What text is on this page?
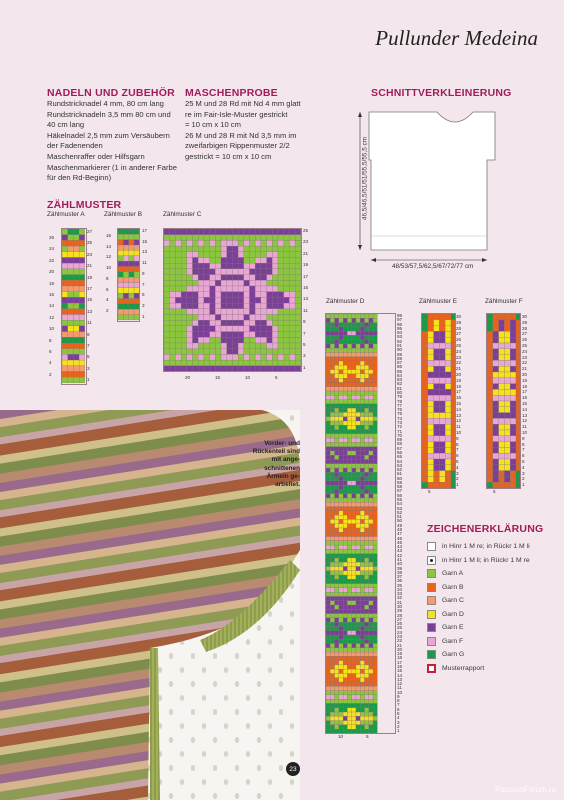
Pullunder Medeina
NADELN UND ZUBEHÖR
Rundstricknadel 4 mm, 80 cm lang
Rundstricknadeln 3,5 mm 80 cm und
40 cm lang
Häkelnadel 2,5 mm zum Versäubern
der Fadenenden
Maschenraffer oder Hilfsgarn
Maschenmarkierer (1 in anderer Farbe
für den Rd-Beginn)
MASCHENPROBE
25 M und 28 Rd mit Nd 4 mm glatt
re im Fair-Isle-Muster gestrickt
= 10 cm x 10 cm
26 M und 28 R mit Nd 3,5 mm im
zweifarbigen Rippenmuster 2/2
gestrickt = 10 cm x 10 cm
SCHNITTVERKLEINERUNG
46,5/46,5/51/51/55,5/55,5 cm
48/53/57,5/62,5/67/72/77 cm
ZÄHLMUSTER
Zählmuster A	Zählmuster B	Zählmuster C
Zählmuster D	Zählmuster E	Zählmuster F
26
24
22
20
18
16
14
12
10
8
6
4
2
27
25
23
21
19
17
15
13
11
9
7
5
3
1
16
14
12
10
8
6
4
2
17
15
13
11
9
7
5
3
1
25
23
21
19
17
15
13
11
9
7
5
3
1
20	15	10	5
98
97
96
95
94
93
92
91
90
89
88
87
86
85
84
83
82
81
80
79
78
77
76
75
74
73
72
71
70
69
68
67
66
65
64
63
62
61
60
59
58
57
56
55
54
53
52
51
50
49
48
47
46
45
44
43
42
41
40
39
38
37
36
35
34
33
32
31
30
29
28
27
26
25
24
23
22
21
20
19
18
17
16
15
14
13
12
11
10
9
8
7
6
5
4
3
2
1
10	5
30
29
28
27
26
25
24
23
22
21
20
19
18
17
16
15
14
13
12
11
10
9
8
7
6
5
4
3
2
1
5
30
29
28
27
26
25
24
23
22
21
20
19
18
17
16
15
14
13
12
11
10
9
8
7
6
5
4
3
2
1
5
Vorder- und
Rückenteil sind
mit ange-
schnittenen
Ärmeln ge-
arbeitet.
23
ZEICHENERKLÄRUNG
in Hinr 1 M re; in Rückr 1 M li
in Hinr 1 M li; in Rückr 1 M re
Garn A
Garn B
Garn C
Garn D
Garn E
Garn F
Garn G
Musterrapport
PassionForum.ru
